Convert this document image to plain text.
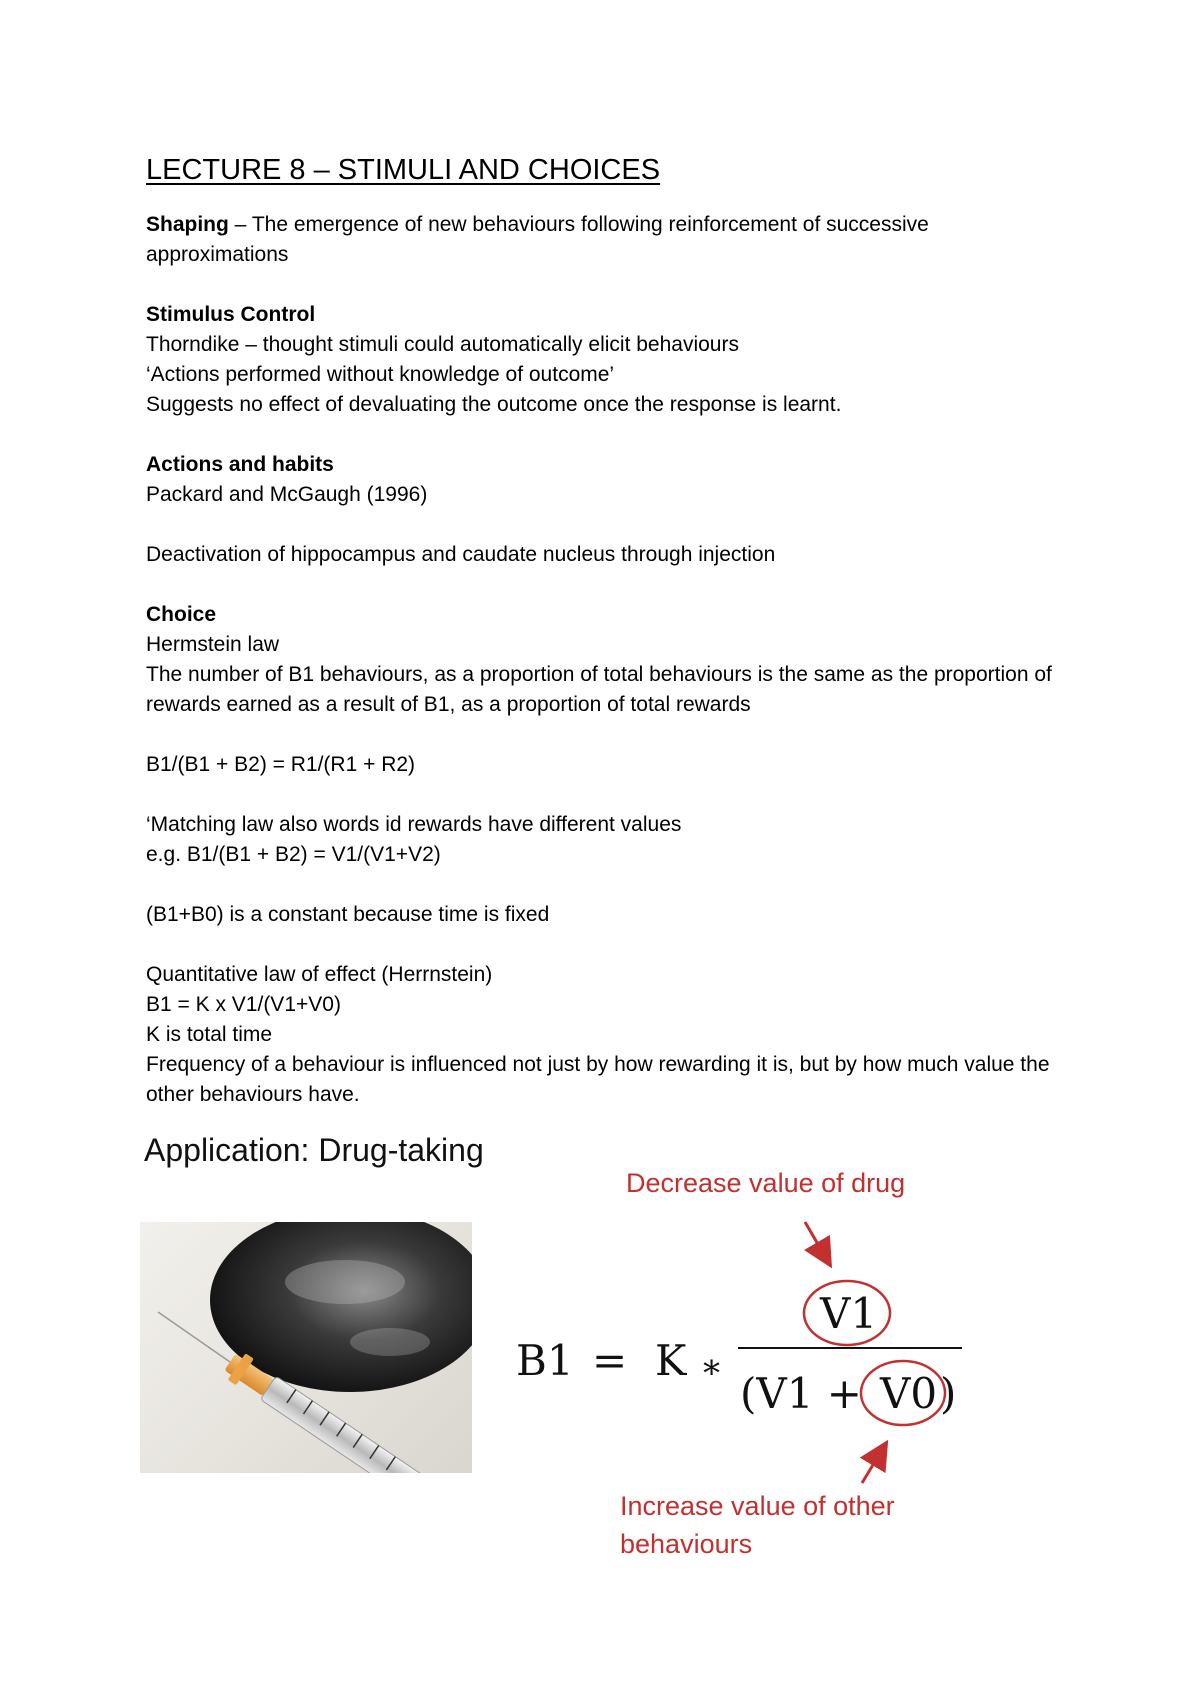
LECTURE 8 – STIMULI AND CHOICES

Shaping – The emergence of new behaviours following reinforcement of successive approximations

Stimulus Control

Thorndike – thought stimuli could automatically elicit behaviours

‘Actions performed without knowledge of outcome’

Suggests no effect of devaluating the outcome once the response is learnt.

Actions and habits

Packard and McGaugh (1996)

Deactivation of hippocampus and caudate nucleus through injection

Choice

Hermstein law

The number of B1 behaviours, as a proportion of total behaviours is the same as the proportion of rewards earned as a result of B1, as a proportion of total rewards

B1/(B1 + B2) = R1/(R1 + R2)

‘Matching law also words id rewards have different values

e.g. B1/(B1 + B2) = V1/(V1+V2)

(B1+B0) is a constant because time is fixed

Quantitative law of effect (Herrnstein)

B1 = K x V1/(V1+V0)

K is total time

Frequency of a behaviour is influenced not just by how rewarding it is, but by how much value the other behaviours have.

Application: Drug-taking
Decrease value of drug
Increase value of other behaviours
B1 = K ∗
V1
(V1 + V0 )
